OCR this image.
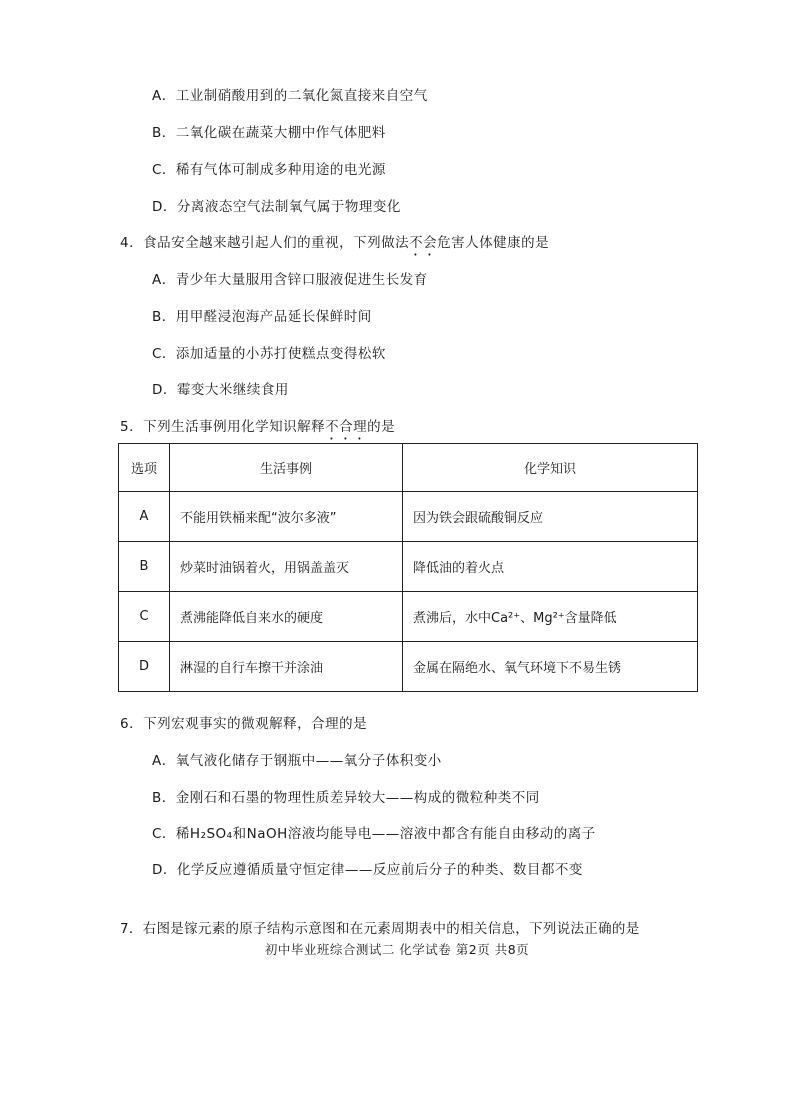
A．工业制硝酸用到的二氧化氮直接来自空气
B．二氧化碳在蔬菜大棚中作气体肥料
C．稀有气体可制成多种用途的电光源
D．分离液态空气法制氧气属于物理变化
4．食品安全越来越引起人们的重视，下列做法不会危害人体健康的是
A．青少年大量服用含锌口服液促进生长发育
B．用甲醛浸泡海产品延长保鲜时间
C．添加适量的小苏打使糕点变得松软
D．霉变大米继续食用
5．下列生活事例用化学知识解释不合理的是
选项	生活事例	化学知识
A	不能用铁桶来配“波尔多液”	因为铁会跟硫酸铜反应
B	炒菜时油锅着火，用锅盖盖灭	降低油的着火点
C	煮沸能降低自来水的硬度	煮沸后，水中Ca²⁺、Mg²⁺含量降低
D	淋湿的自行车擦干并涂油	金属在隔绝水、氧气环境下不易生锈
6．下列宏观事实的微观解释，合理的是
A．氧气液化储存于钢瓶中——氧分子体积变小
B．金刚石和石墨的物理性质差异较大——构成的微粒种类不同
C．稀H₂SO₄和NaOH溶液均能导电——溶液中都含有能自由移动的离子
D．化学反应遵循质量守恒定律——反应前后分子的种类、数目都不变
7．右图是镓元素的原子结构示意图和在元素周期表中的相关信息，下列说法正确的是
初中毕业班综合测试二 化学试卷 第2页 共8页
